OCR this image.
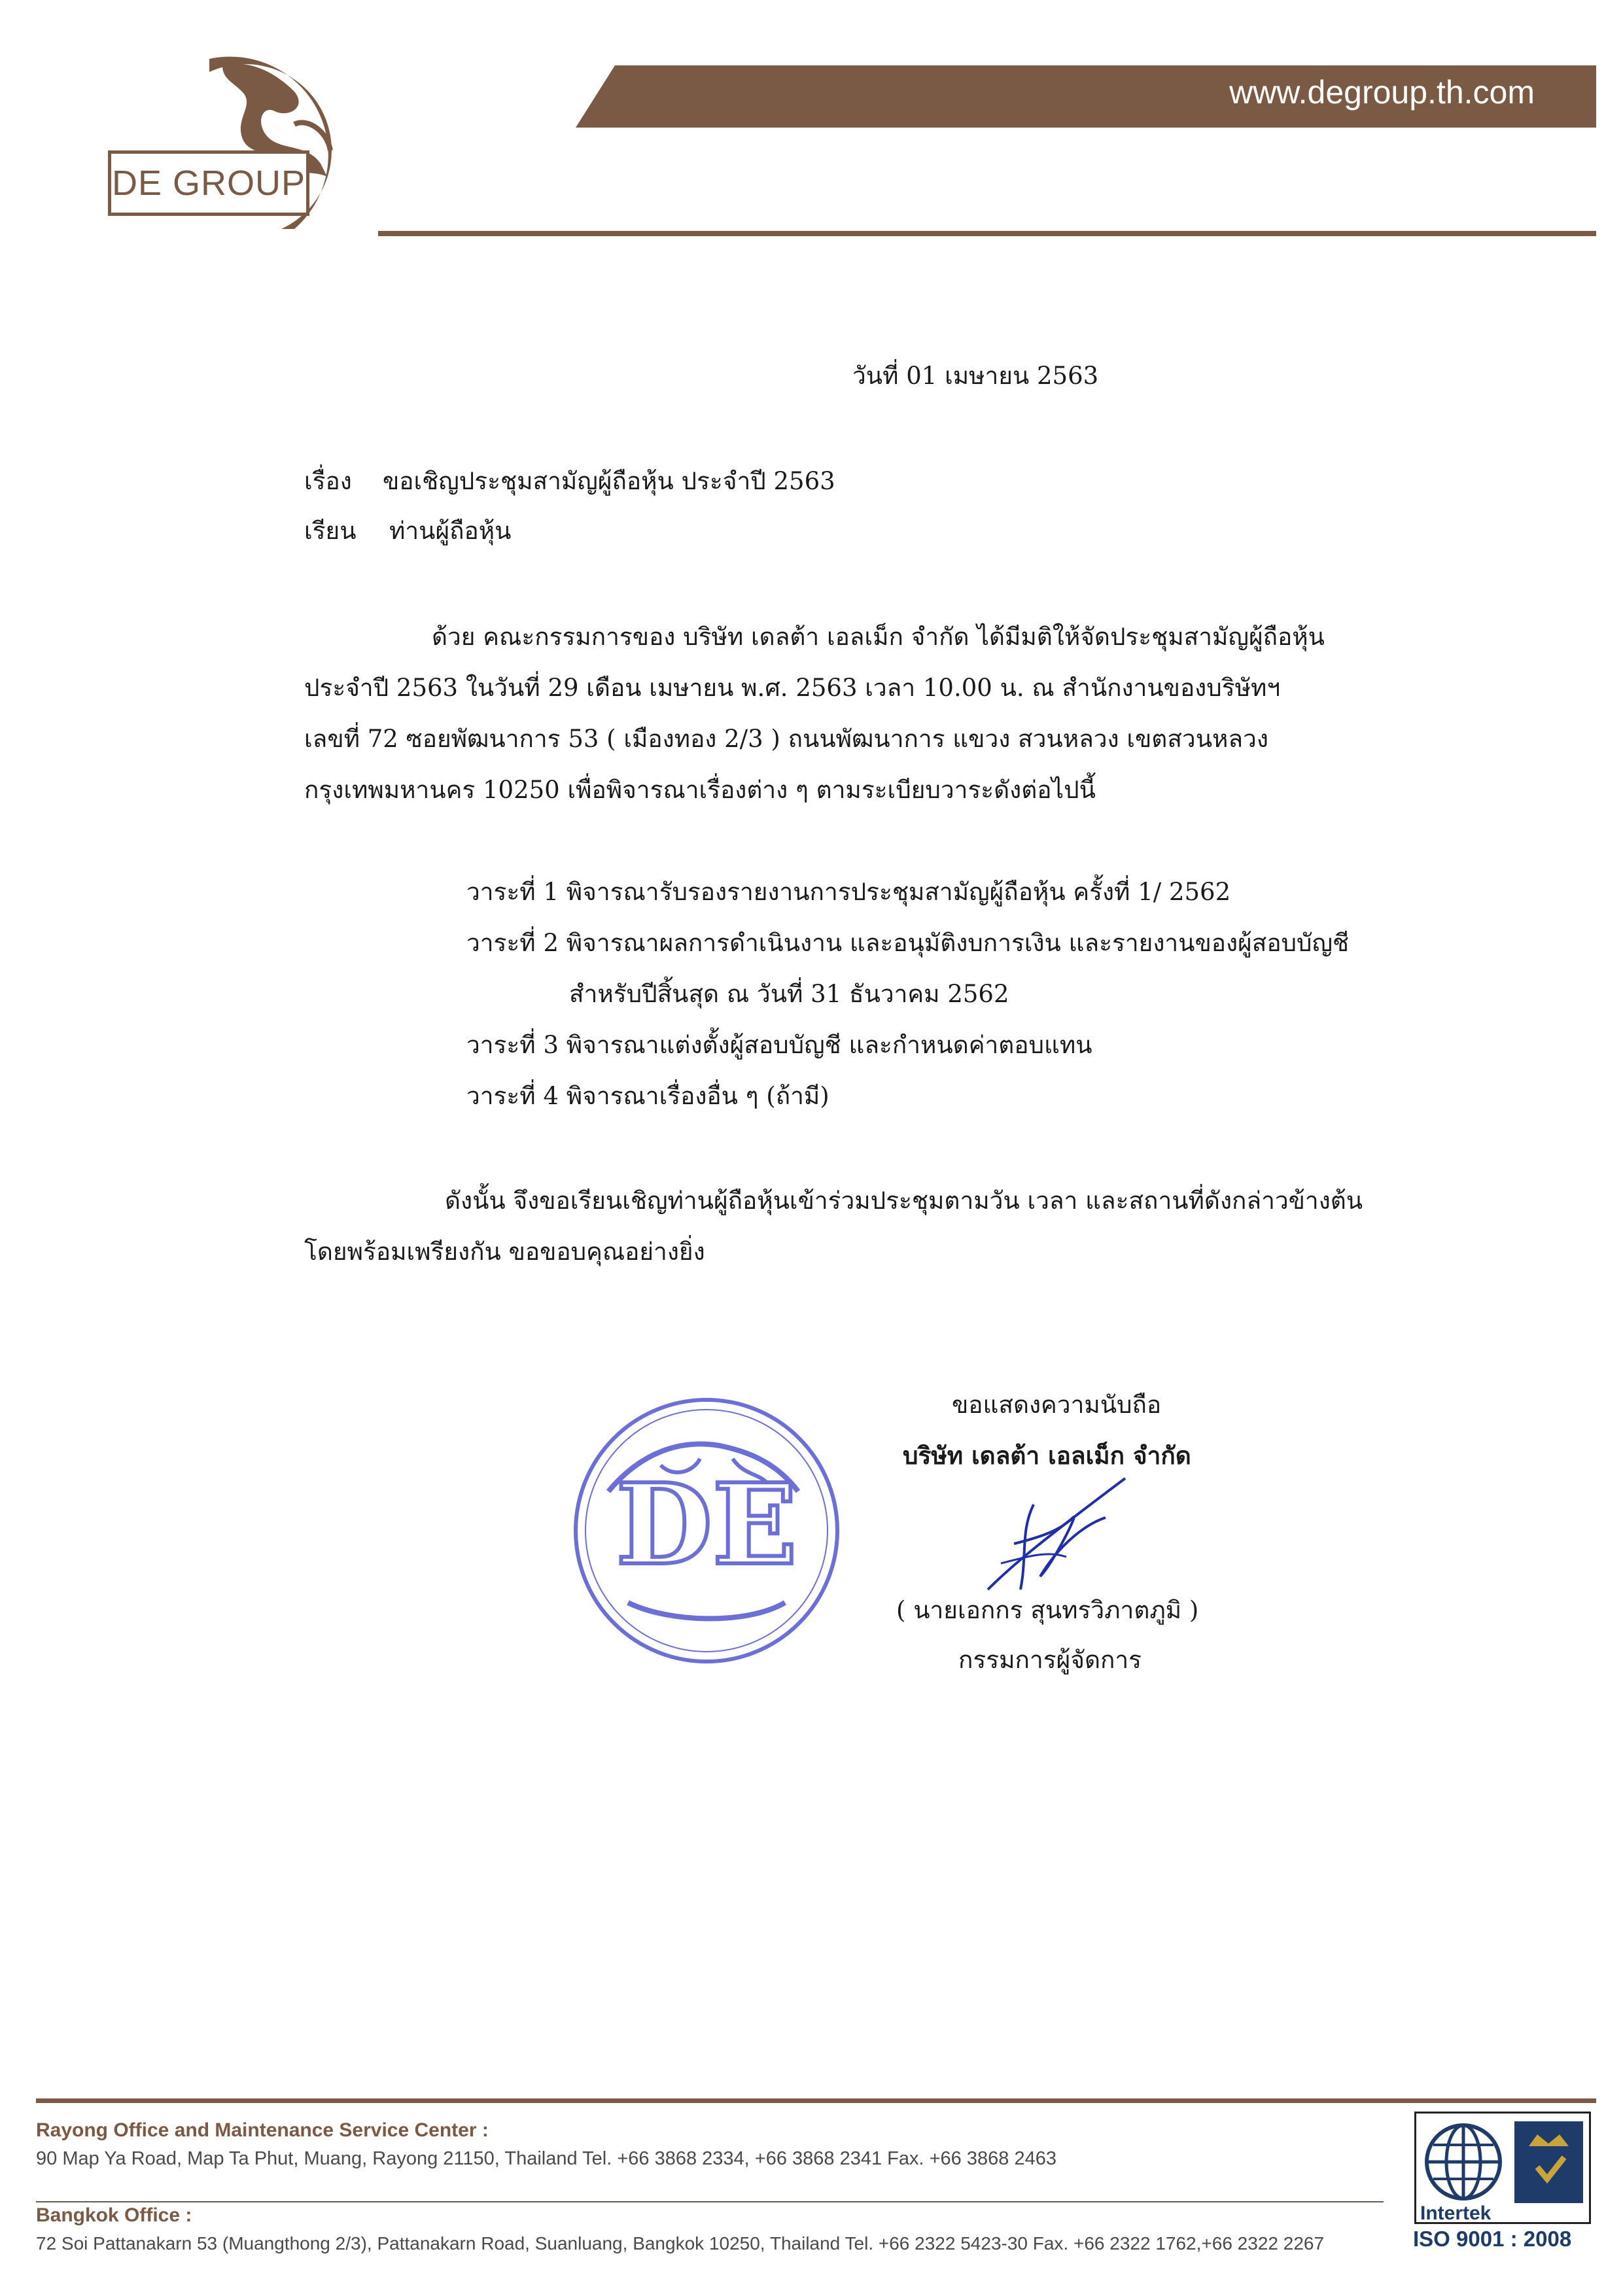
DE GROUP
www.degroup.th.com
วันที่ 01 เมษายน 2563
เรื่อง ขอเชิญประชุมสามัญผู้ถือหุ้น ประจำปี 2563
เรียน ท่านผู้ถือหุ้น
ด้วย คณะกรรมการของ บริษัท เดลต้า เอลเม็ก จำกัด ได้มีมติให้จัดประชุมสามัญผู้ถือหุ้น
ประจำปี 2563 ในวันที่ 29 เดือน เมษายน พ.ศ. 2563 เวลา 10.00 น. ณ สำนักงานของบริษัทฯ
เลขที่ 72 ซอยพัฒนาการ 53 ( เมืองทอง 2/3 ) ถนนพัฒนาการ แขวง สวนหลวง เขตสวนหลวง
กรุงเทพมหานคร 10250 เพื่อพิจารณาเรื่องต่าง ๆ ตามระเบียบวาระดังต่อไปนี้
วาระที่ 1 พิจารณารับรองรายงานการประชุมสามัญผู้ถือหุ้น ครั้งที่ 1/ 2562
วาระที่ 2 พิจารณาผลการดำเนินงาน และอนุมัติงบการเงิน และรายงานของผู้สอบบัญชี
สำหรับปีสิ้นสุด ณ วันที่ 31 ธันวาคม 2562
วาระที่ 3 พิจารณาแต่งตั้งผู้สอบบัญชี และกำหนดค่าตอบแทน
วาระที่ 4 พิจารณาเรื่องอื่น ๆ (ถ้ามี)
ดังนั้น จึงขอเรียนเชิญท่านผู้ถือหุ้นเข้าร่วมประชุมตามวัน เวลา และสถานที่ดังกล่าวข้างต้น
โดยพร้อมเพรียงกัน ขอขอบคุณอย่างยิ่ง
ขอแสดงความนับถือ
บริษัท เดลต้า เอลเม็ก จำกัด
DE
( นายเอกกร สุนทรวิภาตภูมิ )
กรรมการผู้จัดการ
Rayong Office and Maintenance Service Center :
90 Map Ya Road, Map Ta Phut, Muang, Rayong 21150, Thailand Tel. +66 3868 2334, +66 3868 2341 Fax. +66 3868 2463
Bangkok Office :
72 Soi Pattanakarn 53 (Muangthong 2/3), Pattanakarn Road, Suanluang, Bangkok 10250, Thailand Tel. +66 2322 5423-30 Fax. +66 2322 1762,+66 2322 2267
Intertek
ISO 9001 : 2008
